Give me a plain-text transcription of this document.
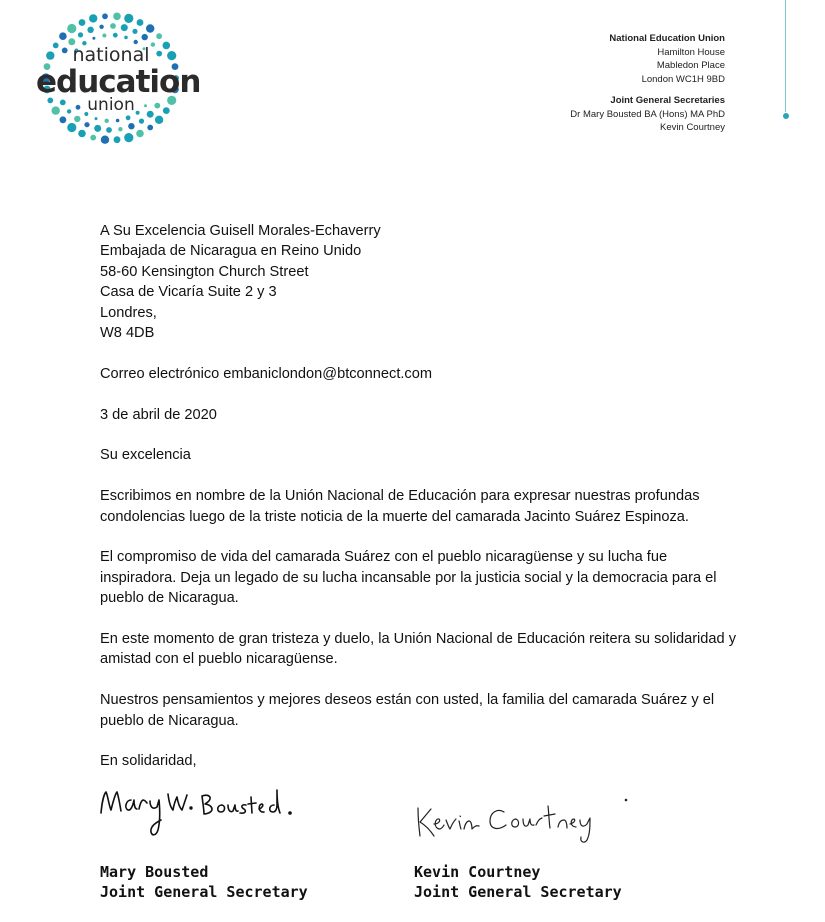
national
education
union
National Education Union
Hamilton House
Mabledon Place
London WC1H 9BD
Joint General Secretaries
Dr Mary Bousted BA (Hons) MA PhD
Kevin Courtney

A Su Excelencia Guisell Morales-Echaverry
Embajada de Nicaragua en Reino Unido
58-60 Kensington Church Street
Casa de Vicaría Suite 2 y 3
Londres,
W8 4DB

Correo electrónico embaniclondon@btconnect.com

3 de abril de 2020

Su excelencia

Escribimos en nombre de la Unión Nacional de Educación para expresar nuestras profundas condolencias luego de la triste noticia de la muerte del camarada Jacinto Suárez Espinoza.

El compromiso de vida del camarada Suárez con el pueblo nicaragüense y su lucha fue inspiradora. Deja un legado de su lucha incansable por la justicia social y la democracia para el pueblo de Nicaragua.

En este momento de gran tristeza y duelo, la Unión Nacional de Educación reitera su solidaridad y amistad con el pueblo nicaragüense.

Nuestros pensamientos y mejores deseos están con usted, la familia del camarada Suárez y el pueblo de Nicaragua.

En solidaridad,

Mary Bousted
Joint General Secretary
Kevin Courtney
Joint General Secretary
